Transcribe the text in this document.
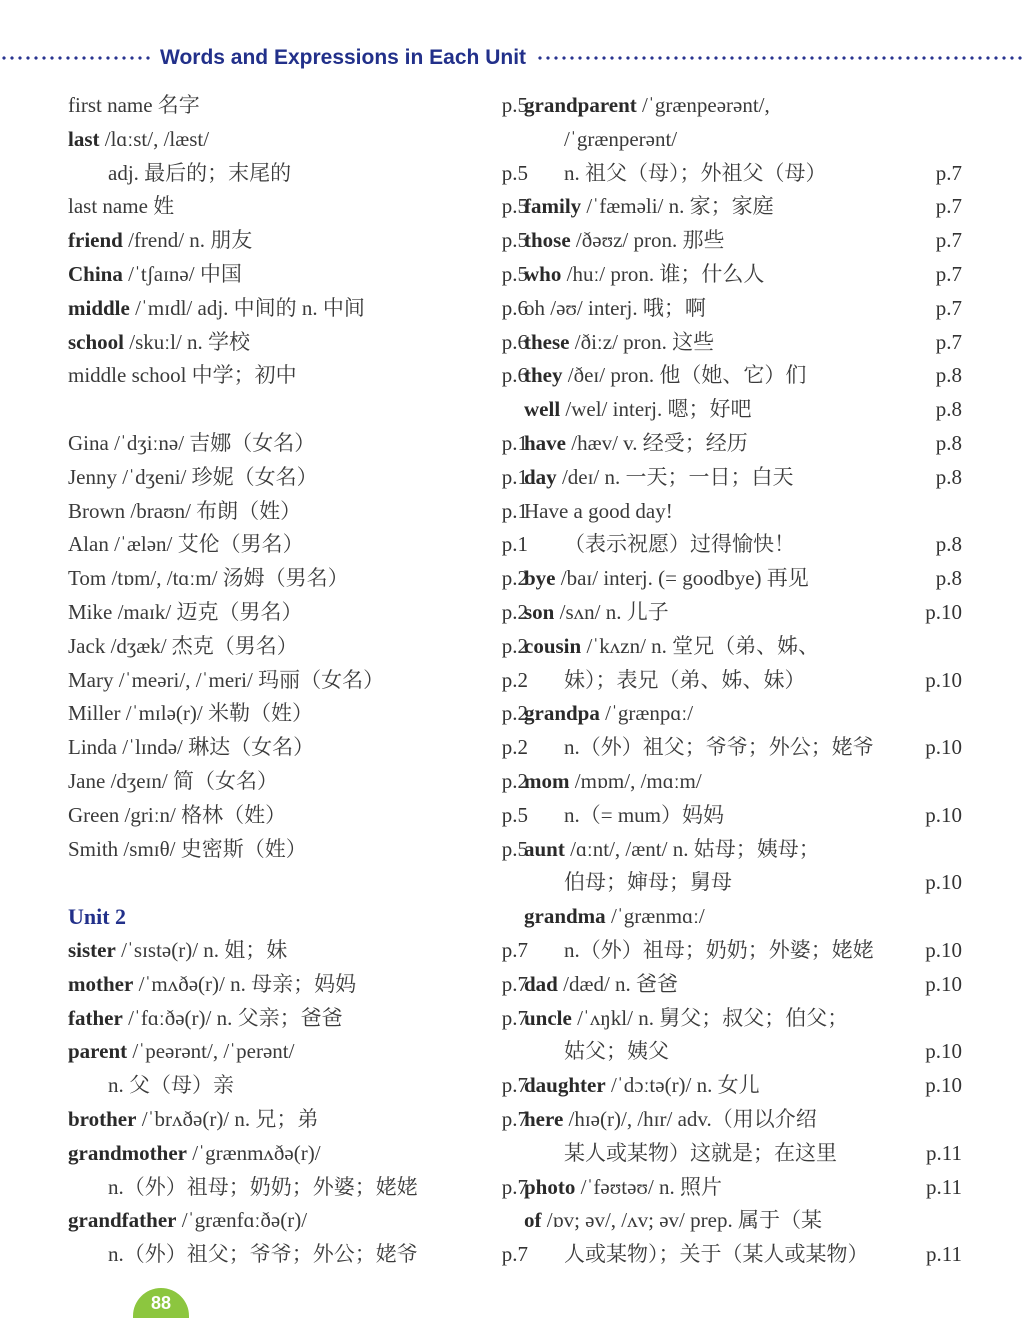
Words and Expressions in Each Unit
first name 名字	p.5
last /lɑːst/, /læst/
adj. 最后的；末尾的	p.5
last name 姓	p.5
friend /frend/ n. 朋友	p.5
China /ˈtʃaɪnə/ 中国	p.5
middle /ˈmɪdl/ adj. 中间的 n. 中间	p.6
school /skuːl/ n. 学校	p.6
middle school 中学；初中	p.6
Gina /ˈdʒiːnə/ 吉娜（女名）	p.1
Jenny /ˈdʒeni/ 珍妮（女名）	p.1
Brown /braʊn/ 布朗（姓）	p.1
Alan /ˈælən/ 艾伦（男名）	p.1
Tom /tɒm/, /tɑːm/ 汤姆（男名）	p.2
Mike /maɪk/ 迈克（男名）	p.2
Jack /dʒæk/ 杰克（男名）	p.2
Mary /ˈmeəri/, /ˈmeri/ 玛丽（女名）	p.2
Miller /ˈmɪlə(r)/ 米勒（姓）	p.2
Linda /ˈlɪndə/ 琳达（女名）	p.2
Jane /dʒeɪn/ 简（女名）	p.2
Green /griːn/ 格林（姓）	p.5
Smith /smɪθ/ 史密斯（姓）	p.5
Unit 2
sister /ˈsɪstə(r)/ n. 姐；妹	p.7
mother /ˈmʌðə(r)/ n. 母亲；妈妈	p.7
father /ˈfɑːðə(r)/ n. 父亲；爸爸	p.7
parent /ˈpeərənt/, /ˈperənt/
n. 父（母）亲	p.7
brother /ˈbrʌðə(r)/ n. 兄；弟	p.7
grandmother /ˈgrænmʌðə(r)/
n.（外）祖母；奶奶；外婆；姥姥	p.7
grandfather /ˈgrænfɑːðə(r)/
n.（外）祖父；爷爷；外公；姥爷	p.7
grandparent /ˈgrænpeərənt/,
/ˈgrænperənt/
n. 祖父（母）；外祖父（母）	p.7
family /ˈfæməli/ n. 家；家庭	p.7
those /ðəʊz/ pron. 那些	p.7
who /huː/ pron. 谁；什么人	p.7
oh /əʊ/ interj. 哦；啊	p.7
these /ðiːz/ pron. 这些	p.7
they /ðeɪ/ pron. 他（她、它）们	p.8
well /wel/ interj. 嗯；好吧	p.8
have /hæv/ v. 经受；经历	p.8
day /deɪ/ n. 一天；一日；白天	p.8
Have a good day!
（表示祝愿）过得愉快！	p.8
bye /baɪ/ interj. (= goodbye) 再见	p.8
son /sʌn/ n. 儿子	p.10
cousin /ˈkʌzn/ n. 堂兄（弟、姊、
妹）；表兄（弟、姊、妹）	p.10
grandpa /ˈgrænpɑː/
n.（外）祖父；爷爷；外公；姥爷 p.10
mom /mɒm/, /mɑːm/
n.（= mum）妈妈	p.10
aunt /ɑːnt/, /ænt/ n. 姑母；姨母；
伯母；婶母；舅母	p.10
grandma /ˈgrænmɑː/
n.（外）祖母；奶奶；外婆；姥姥 p.10
dad /dæd/ n. 爸爸	p.10
uncle /ˈʌŋkl/ n. 舅父；叔父；伯父；
姑父；姨父	p.10
daughter /ˈdɔːtə(r)/ n. 女儿	p.10
here /hɪə(r)/, /hɪr/ adv.（用以介绍
某人或某物）这就是；在这里	p.11
photo /ˈfəʊtəʊ/ n. 照片	p.11
of /ɒv; əv/, /ʌv; əv/ prep. 属于（某
人或某物）；关于（某人或某物）	p.11
88
